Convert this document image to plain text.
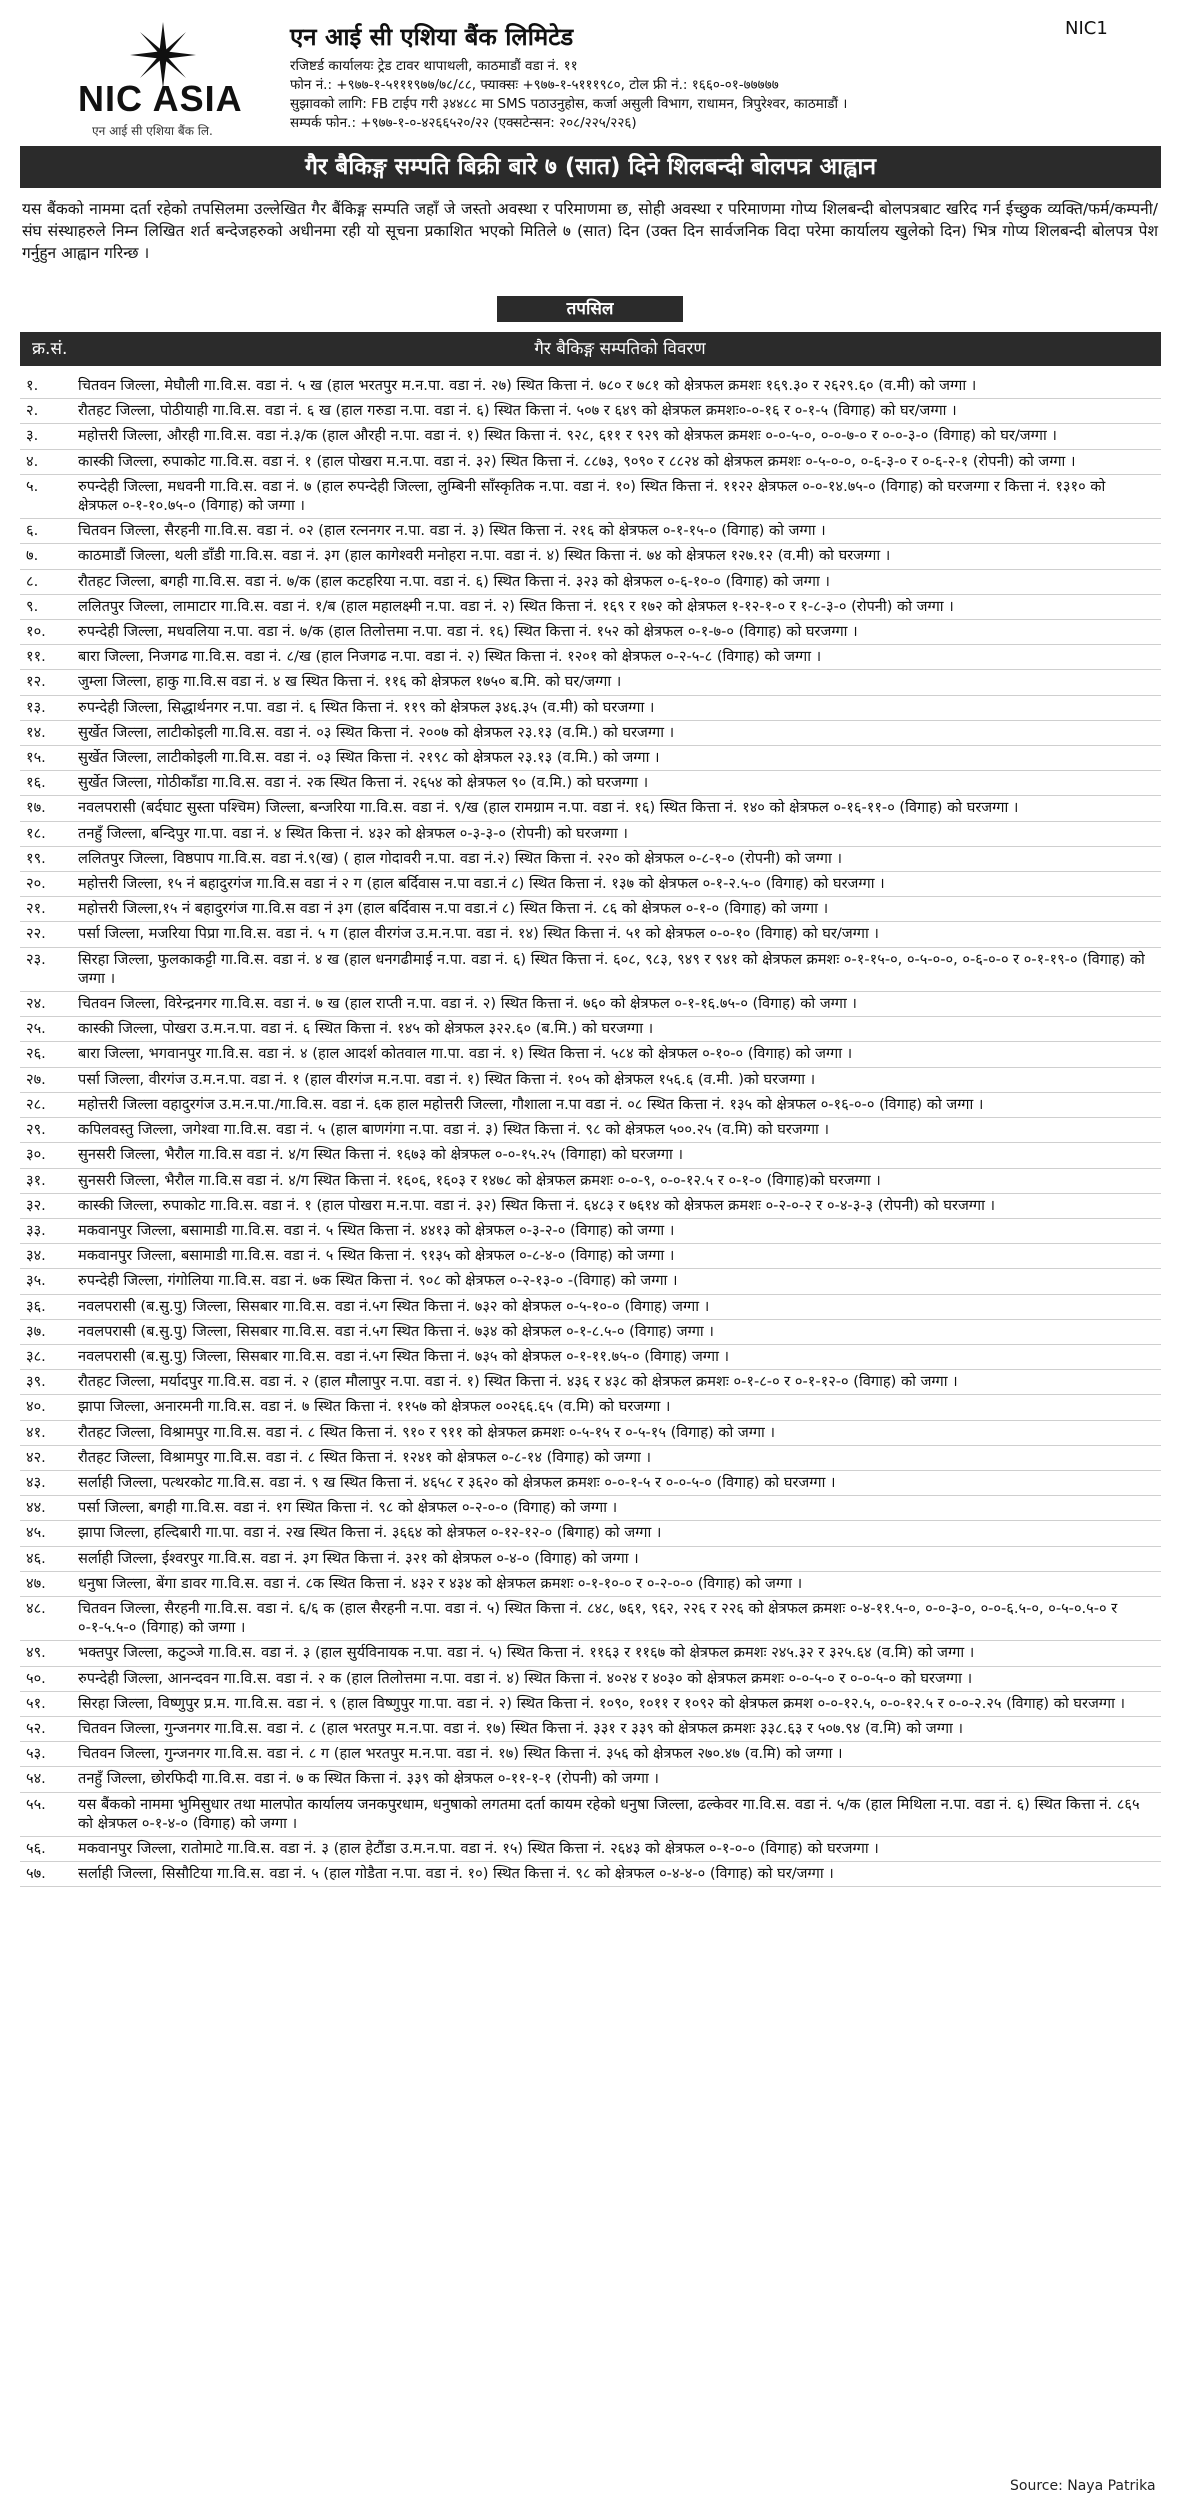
NIC ASIA
एन आई सी एशिया बैंक लि.
एन आई सी एशिया बैंक लिमिटेड
रजिष्टर्ड कार्यालयः ट्रेड टावर थापाथली, काठमाडौं वडा नं. ११
फोन नं.: +९७७-१-५१११९७७/७८/८८, फ्याक्सः +९७७-१-५१११९८०, टोल फ्री नं.: १६६०-०१-७७७७७
सुझावको लागि: FB टाईप गरी ३४४८८ मा SMS पठाउनुहोस, कर्जा असुली विभाग, राधामन, त्रिपुरेश्वर, काठमाडौं ।
सम्पर्क फोन.: +९७७-१-०-४२६६५२०/२२ (एक्सटेन्सन: २०८/२२५/२२६)
NIC1
गैर बैकिङ्ग सम्पति बिक्री बारे ७ (सात) दिने शिलबन्दी बोलपत्र आह्वान
यस बैंकको नाममा दर्ता रहेको तपसिलमा उल्लेखित गैर बैंकिङ्ग सम्पति जहाँ जे जस्तो अवस्था र परिमाणमा छ, सोही अवस्था र परिमाणमा गोप्य शिलबन्दी बोलपत्रबाट खरिद गर्न ईच्छुक व्यक्ति/फर्म/कम्पनी/संघ संस्थाहरुले निम्न लिखित शर्त बन्देजहरुको अधीनमा रही यो सूचना प्रकाशित भएको मितिले ७ (सात) दिन (उक्त दिन सार्वजनिक विदा परेमा कार्यालय खुलेको दिन) भित्र गोप्य शिलबन्दी बोलपत्र पेश गर्नुहुन आह्वान गरिन्छ ।
तपसिल
क्र.सं.	गैर बैकिङ्ग सम्पतिको विवरण
१.	चितवन जिल्ला, मेघौली गा.वि.स. वडा नं. ५ ख (हाल भरतपुर म.न.पा. वडा नं. २७) स्थित कित्ता नं. ७८० र ७८१ को क्षेत्रफल क्रमशः १६९.३० र २६२९.६० (व.मी) को जग्गा ।
२.	रौतहट जिल्ला, पोठीयाही गा.वि.स. वडा नं. ६ ख (हाल गरुडा न.पा. वडा नं. ६) स्थित कित्ता नं. ५०७ र ६४९ को क्षेत्रफल क्रमशः०-०-१६ र ०-१-५ (विगाह) को घर/जग्गा ।
३.	महोत्तरी जिल्ला, औरही गा.वि.स. वडा नं.३/क (हाल औरही न.पा. वडा नं. १) स्थित कित्ता नं. ९२८, ६११ र ९२९ को क्षेत्रफल क्रमशः ०-०-५-०, ०-०-७-० र ०-०-३-० (विगाह) को घर/जग्गा ।
४.	कास्की जिल्ला, रुपाकोट गा.वि.स. वडा नं. १ (हाल पोखरा म.न.पा. वडा नं. ३२) स्थित कित्ता नं. ८८७३, ९०९० र ८८२४ को क्षेत्रफल क्रमशः ०-५-०-०, ०-६-३-० र ०-६-२-१ (रोपनी) को जग्गा ।
५.	रुपन्देही जिल्ला, मधवनी गा.वि.स. वडा नं. ७ (हाल रुपन्देही जिल्ला, लुम्बिनी साँस्कृतिक न.पा. वडा नं. १०) स्थित कित्ता नं. ११२२ क्षेत्रफल ०-०-१४.७५-० (विगाह) को घरजग्गा र कित्ता नं. १३१० को क्षेत्रफल ०-१-१०.७५-० (विगाह) को जग्गा ।
६.	चितवन जिल्ला, सैरहनी गा.वि.स. वडा नं. ०२ (हाल रत्ननगर न.पा. वडा नं. ३) स्थित कित्ता नं. २१६ को क्षेत्रफल ०-१-१५-० (विगाह) को जग्गा ।
७.	काठमाडौं जिल्ला, थली डाँडी गा.वि.स. वडा नं. ३ग (हाल कागेश्वरी मनोहरा न.पा. वडा नं. ४) स्थित कित्ता नं. ७४ को क्षेत्रफल १२७.१२ (व.मी) को घरजग्गा ।
८.	रौतहट जिल्ला, बगही गा.वि.स. वडा नं. ७/क (हाल कटहरिया न.पा. वडा नं. ६) स्थित कित्ता नं. ३२३ को क्षेत्रफल ०-६-१०-० (विगाह) को जग्गा ।
९.	ललितपुर जिल्ला, लामाटार गा.वि.स. वडा नं. १/ब (हाल महालक्ष्मी न.पा. वडा नं. २) स्थित कित्ता नं. १६९ र १७२ को क्षेत्रफल १-१२-१-० र १-८-३-० (रोपनी) को जग्गा ।
१०.	रुपन्देही जिल्ला, मधवलिया न.पा. वडा नं. ७/क (हाल तिलोत्तमा न.पा. वडा नं. १६) स्थित कित्ता नं. १५२ को क्षेत्रफल ०-१-७-० (विगाह) को घरजग्गा ।
११.	बारा जिल्ला, निजगढ गा.वि.स. वडा नं. ८/ख (हाल निजगढ न.पा. वडा नं. २) स्थित कित्ता नं. १२०१ को क्षेत्रफल ०-२-५-८ (विगाह) को जग्गा ।
१२.	जुम्ला जिल्ला, हाकु गा.वि.स वडा नं. ४ ख स्थित कित्ता नं. ११६ को क्षेत्रफल १७५० ब.मि. को घर/जग्गा ।
१३.	रुपन्देही जिल्ला, सिद्धार्थनगर न.पा. वडा नं. ६ स्थित कित्ता नं. ११९ को क्षेत्रफल ३४६.३५ (व.मी) को घरजग्गा ।
१४.	सुर्खेत जिल्ला, लाटीकोइली गा.वि.स. वडा नं. ०३ स्थित कित्ता नं. २००७ को क्षेत्रफल २३.१३ (व.मि.) को घरजग्गा ।
१५.	सुर्खेत जिल्ला, लाटीकोइली गा.वि.स. वडा नं. ०३ स्थित कित्ता नं. २१९८ को क्षेत्रफल २३.१३ (व.मि.) को जग्गा ।
१६.	सुर्खेत जिल्ला, गोठीकाँडा गा.वि.स. वडा नं. २क स्थित कित्ता नं. २६५४ को क्षेत्रफल ९० (व.मि.) को घरजग्गा ।
१७.	नवलपरासी (बर्दघाट सुस्ता पश्चिम) जिल्ला, बन्जरिया गा.वि.स. वडा नं. ९/ख (हाल रामग्राम न.पा. वडा नं. १६) स्थित कित्ता नं. १४० को क्षेत्रफल ०-१६-११-० (विगाह) को घरजग्गा ।
१८.	तनहुँ जिल्ला, बन्दिपुर गा.पा. वडा नं. ४ स्थित कित्ता नं. ४३२ को क्षेत्रफल ०-३-३-० (रोपनी) को घरजग्गा ।
१९.	ललितपुर जिल्ला, विष्ठपाप गा.वि.स. वडा नं.९(ख) ( हाल गोदावरी न.पा. वडा नं.२) स्थित कित्ता नं. २२० को क्षेत्रफल ०-८-१-० (रोपनी) को जग्गा ।
२०.	महोत्तरी जिल्ला, १५ नं बहादुरगंज गा.वि.स वडा नं २ ग (हाल बर्दिवास न.पा वडा.नं ८) स्थित कित्ता नं. १३७ को क्षेत्रफल ०-१-२.५-० (विगाह) को घरजग्गा ।
२१.	महोत्तरी जिल्ला,१५ नं बहादुरगंज गा.वि.स वडा नं ३ग (हाल बर्दिवास न.पा वडा.नं ८) स्थित कित्ता नं. ८६ को क्षेत्रफल ०-१-० (विगाह) को जग्गा ।
२२.	पर्सा जिल्ला, मजरिया पिप्रा गा.वि.स. वडा नं. ५ ग (हाल वीरगंज उ.म.न.पा. वडा नं. १४) स्थित कित्ता नं. ५१ को क्षेत्रफल ०-०-१० (विगाह) को घर/जग्गा ।
२३.	सिरहा जिल्ला, फुलकाकट्टी गा.वि.स. वडा नं. ४ ख (हाल धनगढीमाई न.पा. वडा नं. ६) स्थित कित्ता नं. ६०८, ९८३, ९४९ र ९४१ को क्षेत्रफल क्रमशः ०-१-१५-०, ०-५-०-०, ०-६-०-० र ०-१-१९-० (विगाह) को जग्गा ।
२४.	चितवन जिल्ला, विरेन्द्रनगर गा.वि.स. वडा नं. ७ ख (हाल राप्ती न.पा. वडा नं. २) स्थित कित्ता नं. ७६० को क्षेत्रफल ०-१-१६.७५-० (विगाह) को जग्गा ।
२५.	कास्की जिल्ला, पोखरा उ.म.न.पा. वडा नं. ६ स्थित कित्ता नं. १४५ को क्षेत्रफल ३२२.६० (ब.मि.) को घरजग्गा ।
२६.	बारा जिल्ला, भगवानपुर गा.वि.स. वडा नं. ४ (हाल आदर्श कोतवाल गा.पा. वडा नं. १) स्थित कित्ता नं. ५८४ को क्षेत्रफल ०-१०-० (विगाह) को जग्गा ।
२७.	पर्सा जिल्ला, वीरगंज उ.म.न.पा. वडा नं. १ (हाल वीरगंज म.न.पा. वडा नं. १) स्थित कित्ता नं. १०५ को क्षेत्रफल १५६.६ (व.मी. )को घरजग्गा ।
२८.	महोत्तरी जिल्ला वहादुरगंज उ.म.न.पा./गा.वि.स. वडा नं. ६क हाल महोत्तरी जिल्ला, गौशाला न.पा वडा नं. ०८ स्थित कित्ता नं. १३५ को क्षेत्रफल ०-१६-०-० (विगाह) को जग्गा ।
२९.	कपिलवस्तु जिल्ला, जगेश्वा गा.वि.स. वडा नं. ५ (हाल बाणगंगा न.पा. वडा नं. ३) स्थित कित्ता नं. ९८ को क्षेत्रफल ५००.२५ (व.मि) को घरजग्गा ।
३०.	सुनसरी जिल्ला, भैरौल गा.वि.स वडा नं. ४/ग स्थित कित्ता नं. १६७३ को क्षेत्रफल ०-०-१५.२५ (विगाहा) को घरजग्गा ।
३१.	सुनसरी जिल्ला, भैरौल गा.वि.स वडा नं. ४/ग स्थित कित्ता नं. १६०६, १६०३ र १४७८ को क्षेत्रफल क्रमशः ०-०-९, ०-०-१२.५ र ०-१-० (विगाह)को घरजग्गा ।
३२.	कास्की जिल्ला, रुपाकोट गा.वि.स. वडा नं. १ (हाल पोखरा म.न.पा. वडा नं. ३२) स्थित कित्ता नं. ६४८३ र ७६१४ को क्षेत्रफल क्रमशः ०-२-०-२ र ०-४-३-३ (रोपनी) को घरजग्गा ।
३३.	मकवानपुर जिल्ला, बसामाडी गा.वि.स. वडा नं. ५ स्थित कित्ता नं. ४४१३ को क्षेत्रफल ०-३-२-० (विगाह) को जग्गा ।
३४.	मकवानपुर जिल्ला, बसामाडी गा.वि.स. वडा नं. ५ स्थित कित्ता नं. ९१३५ को क्षेत्रफल ०-८-४-० (विगाह) को जग्गा ।
३५.	रुपन्देही जिल्ला, गंगोलिया गा.वि.स. वडा नं. ७क स्थित कित्ता नं. ९०८ को क्षेत्रफल ०-२-१३-० -(विगाह) को जग्गा ।
३६.	नवलपरासी (ब.सु.पु) जिल्ला, सिसबार गा.वि.स. वडा नं.५ग स्थित कित्ता नं. ७३२ को क्षेत्रफल ०-५-१०-० (विगाह) जग्गा ।
३७.	नवलपरासी (ब.सु.पु) जिल्ला, सिसबार गा.वि.स. वडा नं.५ग स्थित कित्ता नं. ७३४ को क्षेत्रफल ०-१-८.५-० (विगाह) जग्गा ।
३८.	नवलपरासी (ब.सु.पु) जिल्ला, सिसबार गा.वि.स. वडा नं.५ग स्थित कित्ता नं. ७३५ को क्षेत्रफल ०-१-११.७५-० (विगाह) जग्गा ।
३९.	रौतहट जिल्ला, मर्यादपुर गा.वि.स. वडा नं. २ (हाल मौलापुर न.पा. वडा नं. १) स्थित कित्ता नं. ४३६ र ४३८ को क्षेत्रफल क्रमशः ०-१-८-० र ०-१-१२-० (विगाह) को जग्गा ।
४०.	झापा जिल्ला, अनारमनी गा.वि.स. वडा नं. ७ स्थित कित्ता नं. ११५७ को क्षेत्रफल ००२६६.६५ (व.मि) को घरजग्गा ।
४१.	रौतहट जिल्ला, विश्रामपुर गा.वि.स. वडा नं. ८ स्थित कित्ता नं. ९१० र ९११ को क्षेत्रफल क्रमशः ०-५-१५ र ०-५-१५ (विगाह) को जग्गा ।
४२.	रौतहट जिल्ला, विश्रामपुर गा.वि.स. वडा नं. ८ स्थित कित्ता नं. १२४१ को क्षेत्रफल ०-८-१४ (विगाह) को जग्गा ।
४३.	सर्लाही जिल्ला, पत्थरकोट गा.वि.स. वडा नं. ९ ख स्थित कित्ता नं. ४६५८ र ३६२० को क्षेत्रफल क्रमशः ०-०-१-५ र ०-०-५-० (विगाह) को घरजग्गा ।
४४.	पर्सा जिल्ला, बगही गा.वि.स. वडा नं. १ग स्थित कित्ता नं. ९८ को क्षेत्रफल ०-२-०-० (विगाह) को जग्गा ।
४५.	झापा जिल्ला, हल्दिबारी गा.पा. वडा नं. २ख स्थित कित्ता नं. ३६६४ को क्षेत्रफल ०-१२-१२-० (बिगाह) को जग्गा ।
४६.	सर्लाही जिल्ला, ईश्वरपुर गा.वि.स. वडा नं. ३ग स्थित कित्ता नं. ३२१ को क्षेत्रफल ०-४-० (विगाह) को जग्गा ।
४७.	धनुषा जिल्ला, बेंगा डावर गा.वि.स. वडा नं. ८क स्थित कित्ता नं. ४३२ र ४३४ को क्षेत्रफल क्रमशः ०-१-१०-० र ०-२-०-० (विगाह) को जग्गा ।
४८.	चितवन जिल्ला, सैरहनी गा.वि.स. वडा नं. ६/६ क (हाल सैरहनी न.पा. वडा नं. ५) स्थित कित्ता नं. ८४८, ७६१, ९६२, २२६ र २२६ को क्षेत्रफल क्रमशः ०-४-११.५-०, ०-०-३-०, ०-०-६.५-०, ०-५-०.५-० र ०-१-५.५-० (विगाह) को जग्गा ।
४९.	भक्तपुर जिल्ला, कटुञ्जे गा.वि.स. वडा नं. ३ (हाल सुर्यविनायक न.पा. वडा नं. ५) स्थित कित्ता नं. ११६३ र ११६७ को क्षेत्रफल क्रमशः २४५.३२ र ३२५.६४ (व.मि) को जग्गा ।
५०.	रुपन्देही जिल्ला, आनन्दवन गा.वि.स. वडा नं. २ क (हाल तिलोत्तमा न.पा. वडा नं. ४) स्थित कित्ता नं. ४०२४ र ४०३० को क्षेत्रफल क्रमशः ०-०-५-० र ०-०-५-० को घरजग्गा ।
५१.	सिरहा जिल्ला, विष्णुपुर प्र.म. गा.वि.स. वडा नं. ९ (हाल विष्णुपुर गा.पा. वडा नं. २) स्थित कित्ता नं. १०९०, १०११ र १०९२ को क्षेत्रफल क्रमश ०-०-१२.५, ०-०-१२.५ र ०-०-२.२५ (विगाह) को घरजग्गा ।
५२.	चितवन जिल्ला, गुन्जनगर गा.वि.स. वडा नं. ८ (हाल भरतपुर म.न.पा. वडा नं. १७) स्थित कित्ता नं. ३३१ र ३३९ को क्षेत्रफल क्रमशः ३३८.६३ र ५०७.९४ (व.मि) को जग्गा ।
५३.	चितवन जिल्ला, गुन्जनगर गा.वि.स. वडा नं. ८ ग (हाल भरतपुर म.न.पा. वडा नं. १७) स्थित कित्ता नं. ३५६ को क्षेत्रफल २७०.४७ (व.मि) को जग्गा ।
५४.	तनहुँ जिल्ला, छोरफिदी गा.वि.स. वडा नं. ७ क स्थित कित्ता नं. ३३९ को क्षेत्रफल ०-११-१-१ (रोपनी) को जग्गा ।
५५.	यस बैंकको नाममा भुमिसुधार तथा मालपोत कार्यालय जनकपुरधाम, धनुषाको लगतमा दर्ता कायम रहेको धनुषा जिल्ला, ढल्केवर गा.वि.स. वडा नं. ५/क (हाल मिथिला न.पा. वडा नं. ६) स्थित कित्ता नं. ८६५ को क्षेत्रफल ०-१-४-० (विगाह) को जग्गा ।
५६.	मकवानपुर जिल्ला, रातोमाटे गा.वि.स. वडा नं. ३ (हाल हेटौंडा उ.म.न.पा. वडा नं. १५) स्थित कित्ता नं. २६४३ को क्षेत्रफल ०-१-०-० (विगाह) को घरजग्गा ।
५७.	सर्लाही जिल्ला, सिसौटिया गा.वि.स. वडा नं. ५ (हाल गोडैता न.पा. वडा नं. १०) स्थित कित्ता नं. ९८ को क्षेत्रफल ०-४-४-० (विगाह) को घर/जग्गा ।
Source: Naya Patrika
